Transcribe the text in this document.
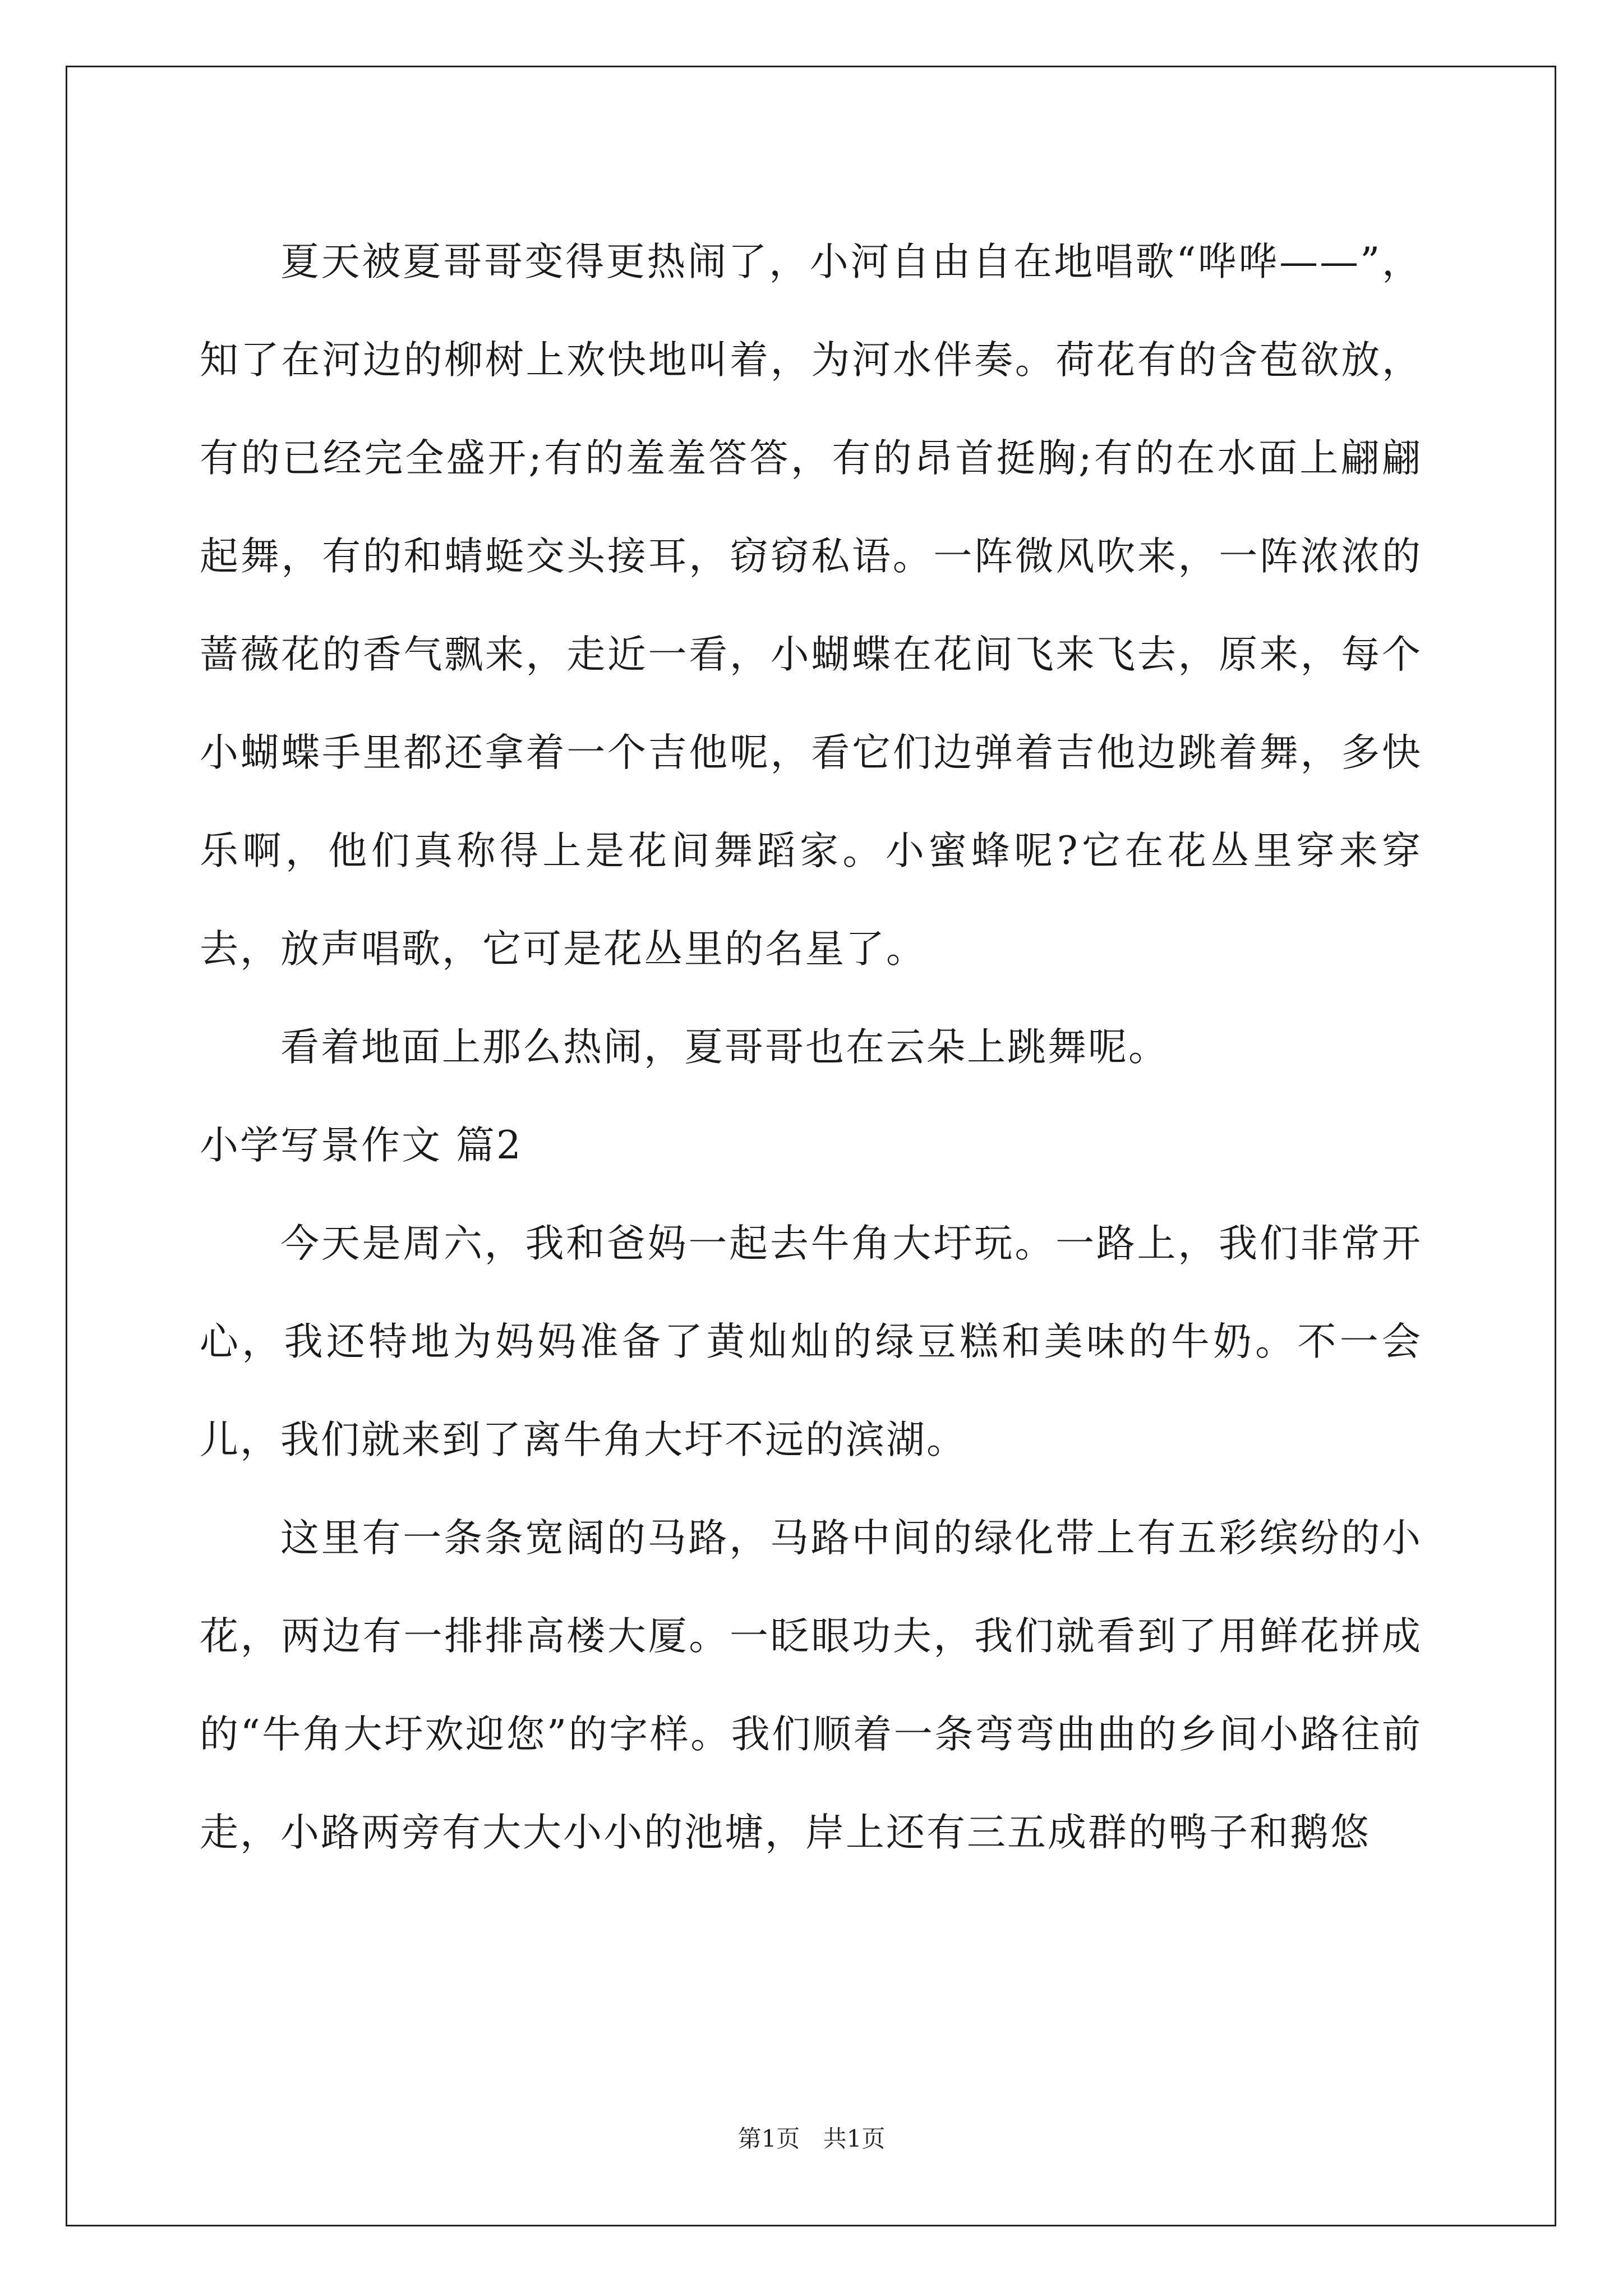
夏天被夏哥哥变得更热闹了，小河自由自在地唱歌“哗哗——”，知了在河边的柳树上欢快地叫着，为河水伴奏。荷花有的含苞欲放，有的已经完全盛开;有的羞羞答答，有的昂首挺胸;有的在水面上翩翩起舞，有的和蜻蜓交头接耳，窃窃私语。一阵微风吹来，一阵浓浓的蔷薇花的香气飘来，走近一看，小蝴蝶在花间飞来飞去，原来，每个小蝴蝶手里都还拿着一个吉他呢，看它们边弹着吉他边跳着舞，多快乐啊，他们真称得上是花间舞蹈家。小蜜蜂呢?它在花丛里穿来穿去，放声唱歌，它可是花丛里的名星了。

看着地面上那么热闹，夏哥哥也在云朵上跳舞呢。

小学写景作文 篇2

今天是周六，我和爸妈一起去牛角大圩玩。一路上，我们非常开心，我还特地为妈妈准备了黄灿灿的绿豆糕和美味的牛奶。不一会儿，我们就来到了离牛角大圩不远的滨湖。

这里有一条条宽阔的马路，马路中间的绿化带上有五彩缤纷的小花，两边有一排排高楼大厦。一眨眼功夫，我们就看到了用鲜花拼成的“牛角大圩欢迎您”的字样。我们顺着一条弯弯曲曲的乡间小路往前走，小路两旁有大大小小的池塘，岸上还有三五成群的鸭子和鹅悠

第1页 共1页
